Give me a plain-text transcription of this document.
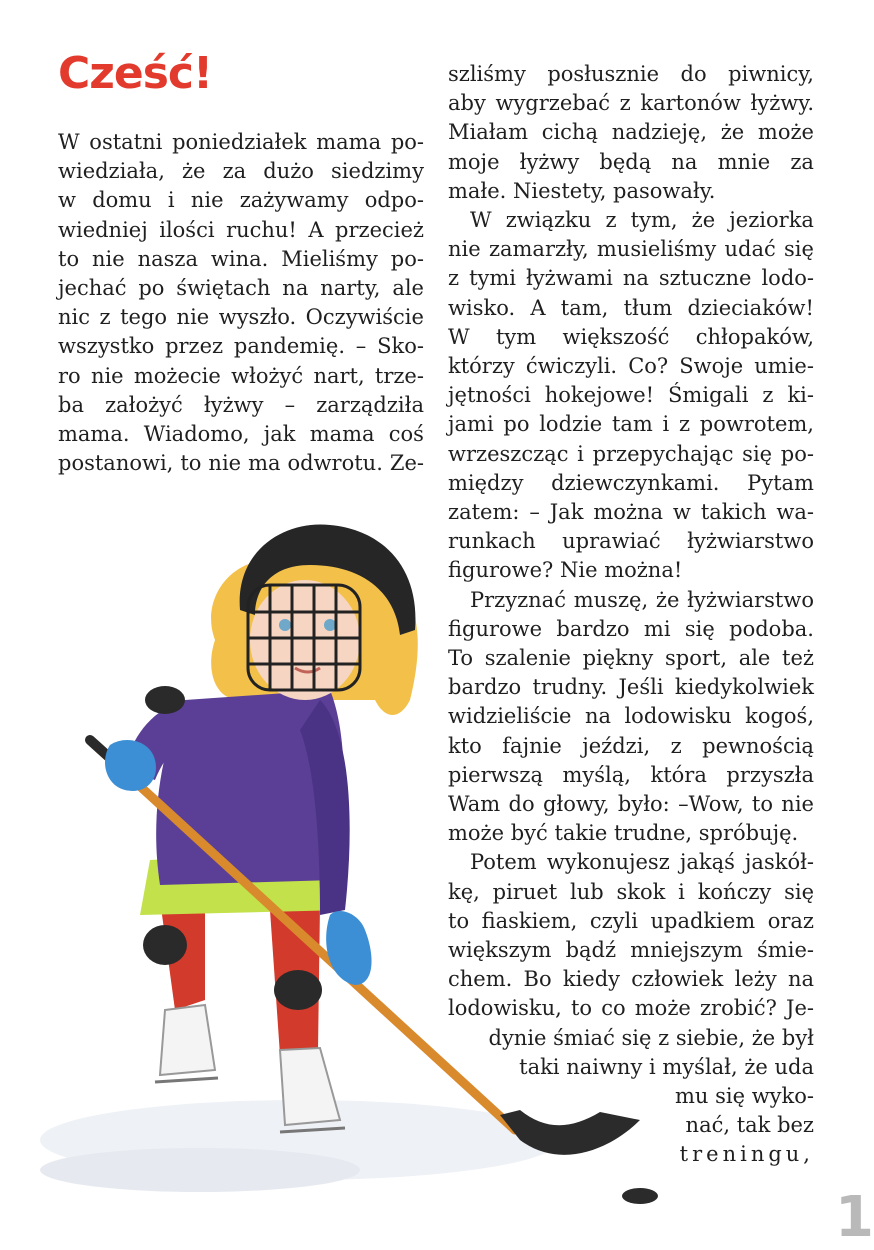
Cześć!
W ostatni poniedziałek mama po-
wiedziała, że za dużo siedzimy
w domu i nie zażywamy odpo-
wiedniej ilości ruchu! A przecież
to nie nasza wina. Mieliśmy po-
jechać po świętach na narty, ale
nic z tego nie wyszło. Oczywiście
wszystko przez pandemię. – Sko-
ro nie możecie włożyć nart, trze-
ba założyć łyżwy – zarządziła
mama. Wiadomo, jak mama coś
postanowi, to nie ma odwrotu. Ze-
szliśmy posłusznie do piwnicy,
aby wygrzebać z kartonów łyżwy.
Miałam cichą nadzieję, że może
moje łyżwy będą na mnie za
małe. Niestety, pasowały.
W związku z tym, że jeziorka
nie zamarzły, musieliśmy udać się
z tymi łyżwami na sztuczne lodo-
wisko. A tam, tłum dzieciaków!
W tym większość chłopaków,
którzy ćwiczyli. Co? Swoje umie-
jętności hokejowe! Śmigali z ki-
jami po lodzie tam i z powrotem,
wrzeszcząc i przepychając się po-
między dziewczynkami. Pytam
zatem: – Jak można w takich wa-
runkach uprawiać łyżwiarstwo
figurowe? Nie można!
Przyznać muszę, że łyżwiarstwo
figurowe bardzo mi się podoba.
To szalenie piękny sport, ale też
bardzo trudny. Jeśli kiedykolwiek
widzieliście na lodowisku kogoś,
kto fajnie jeździ, z pewnością
pierwszą myślą, która przyszła
Wam do głowy, było: –Wow, to nie
może być takie trudne, spróbuję.
Potem wykonujesz jakąś jaskół-
kę, piruet lub skok i kończy się
to fiaskiem, czyli upadkiem oraz
większym bądź mniejszym śmie-
chem. Bo kiedy człowiek leży na
lodowisku, to co może zrobić? Je-
dynie śmiać się z siebie, że był
taki naiwny i myślał, że uda
mu się wyko-
nać, tak bez
treningu,
1
